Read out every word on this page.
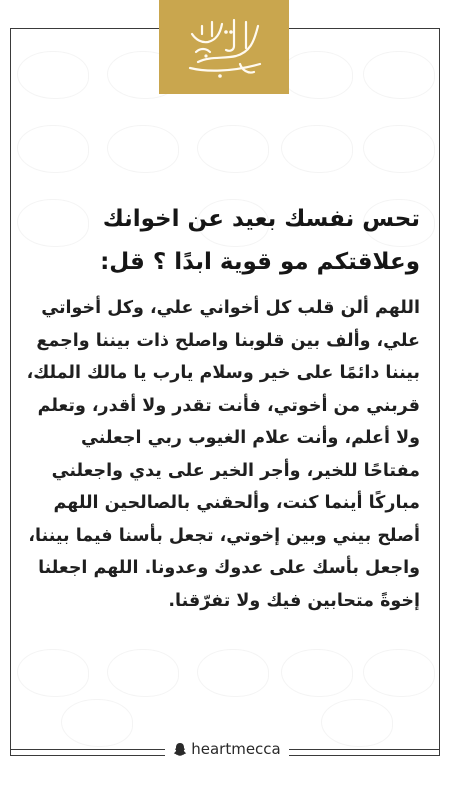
تحس نفسك بعيد عن اخوانك وعلاقتكم مو قوية ابدًا ؟ قل:

اللهم ألن قلب كل أخواني علي، وكل أخواتي علي، وألف بين قلوبنا واصلح ذات بيننا واجمع بيننا دائمًا على خير وسلام يارب يا مالك الملك، قربني من أخوتي، فأنت تقدر ولا أقدر، وتعلم ولا أعلم، وأنت علام الغيوب ربي اجعلني مفتاحًا للخير، وأجر الخير على يدي واجعلني مباركًا أينما كنت، وألحقني بالصالحين اللهم أصلح بيني وبين إخوتي، تجعل بأسنا فيما بيننا، واجعل بأسك على عدوك وعدونا. اللهم اجعلنا إخوةً متحابين فيك ولا تفرّقنا.

heartmecca
